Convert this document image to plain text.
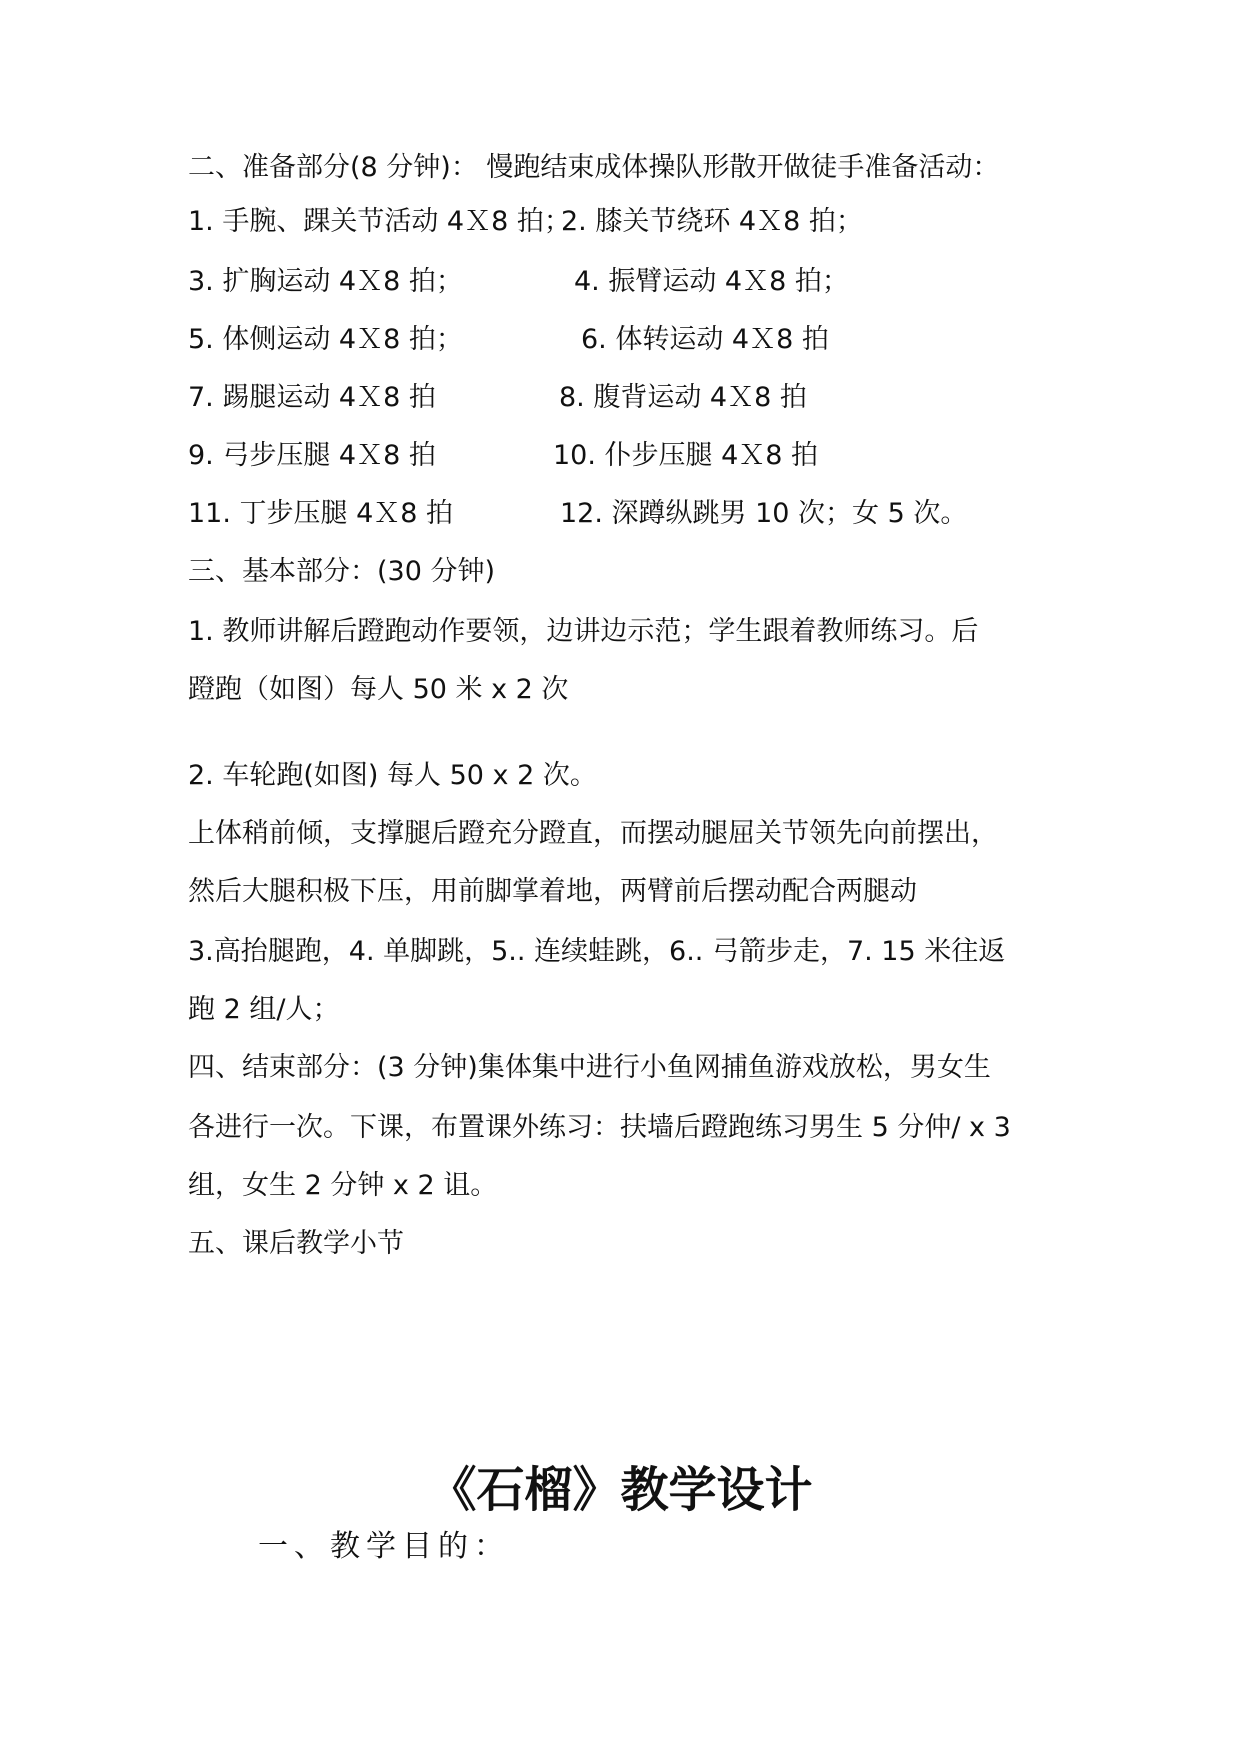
二、准备部分(8 分钟)： 慢跑结束成体操队形散开做徒手准备活动：
1. 手腕、踝关节活动 4Ｘ8 拍；
2. 膝关节绕环 4Ｘ8 拍；
3. 扩胸运动 4Ｘ8 拍；	4. 振臂运动 4Ｘ8 拍；
5. 体侧运动 4Ｘ8 拍；	6. 体转运动 4Ｘ8 拍
7. 踢腿运动 4Ｘ8 拍	8. 腹背运动 4Ｘ8 拍
9. 弓步压腿 4Ｘ8 拍	10. 仆步压腿 4Ｘ8 拍
11. 丁步压腿 4Ｘ8 拍	12. 深蹲纵跳男 10 次；女 5 次。
三、基本部分：(30 分钟)
1. 教师讲解后蹬跑动作要领，边讲边示范；学生跟着教师练习。后
蹬跑（如图）每人 50 米 x 2 次
2. 车轮跑(如图) 每人 50 x 2 次。
上体稍前倾，支撑腿后蹬充分蹬直，而摆动腿屈关节领先向前摆出，
然后大腿积极下压，用前脚掌着地，两臂前后摆动配合两腿动
3.高抬腿跑，4. 单脚跳，5.. 连续蛙跳，6.. 弓箭步走，7. 15 米往返
跑 2 组/人；
四、结束部分：(3 分钟)集体集中进行小鱼网捕鱼游戏放松，男女生
各进行一次。下课，布置课外练习：扶墙后蹬跑练习男生 5 分仲/ x 3
组，女生 2 分钟 x 2 诅。
五、课后教学小节
《石榴》教学设计
一、教学目的：
